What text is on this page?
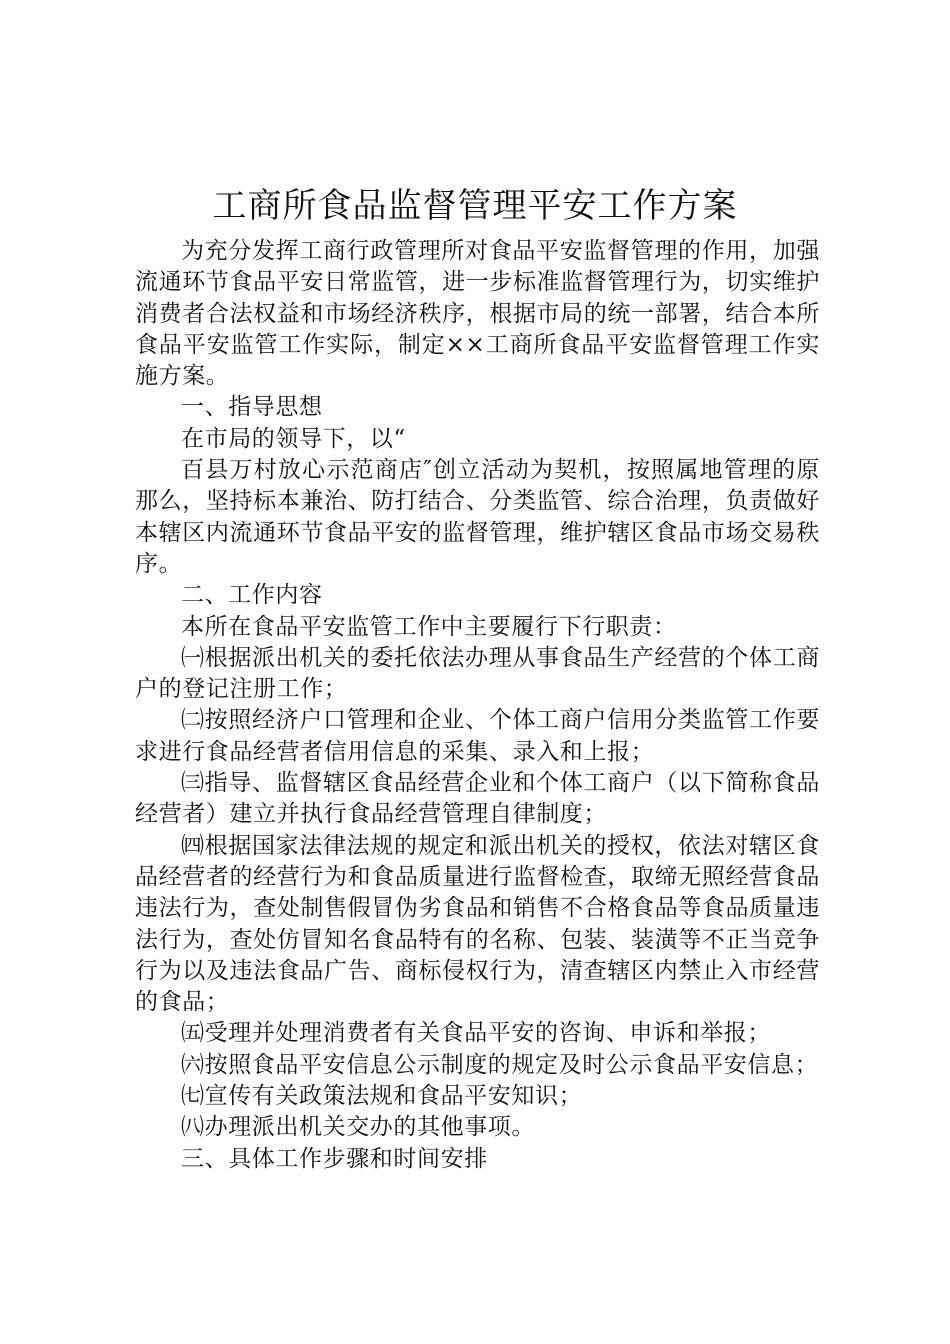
工商所食品监督管理平安工作方案

为充分发挥工商行政管理所对食品平安监督管理的作用，加强流通环节食品平安日常监管，进一步标准监督管理行为，切实维护消费者合法权益和市场经济秩序，根据市局的统一部署，结合本所食品平安监管工作实际，制定××工商所食品平安监督管理工作实施方案。

一、指导思想

在市局的领导下，以“

百县万村放心示范商店″创立活动为契机，按照属地管理的原那么，坚持标本兼治、防打结合、分类监管、综合治理，负责做好本辖区内流通环节食品平安的监督管理，维护辖区食品市场交易秩序。

二、工作内容

本所在食品平安监管工作中主要履行下行职责：

㈠根据派出机关的委托依法办理从事食品生产经营的个体工商户的登记注册工作；

㈡按照经济户口管理和企业、个体工商户信用分类监管工作要求进行食品经营者信用信息的采集、录入和上报；

㈢指导、监督辖区食品经营企业和个体工商户（以下简称食品经营者）建立并执行食品经营管理自律制度；

㈣根据国家法律法规的规定和派出机关的授权，依法对辖区食品经营者的经营行为和食品质量进行监督检查，取缔无照经营食品违法行为，查处制售假冒伪劣食品和销售不合格食品等食品质量违法行为，查处仿冒知名食品特有的名称、包装、装潢等不正当竞争行为以及违法食品广告、商标侵权行为，清查辖区内禁止入市经营的食品；

㈤受理并处理消费者有关食品平安的咨询、申诉和举报；

㈥按照食品平安信息公示制度的规定及时公示食品平安信息；

㈦宣传有关政策法规和食品平安知识；

㈧办理派出机关交办的其他事项。

三、具体工作步骤和时间安排
